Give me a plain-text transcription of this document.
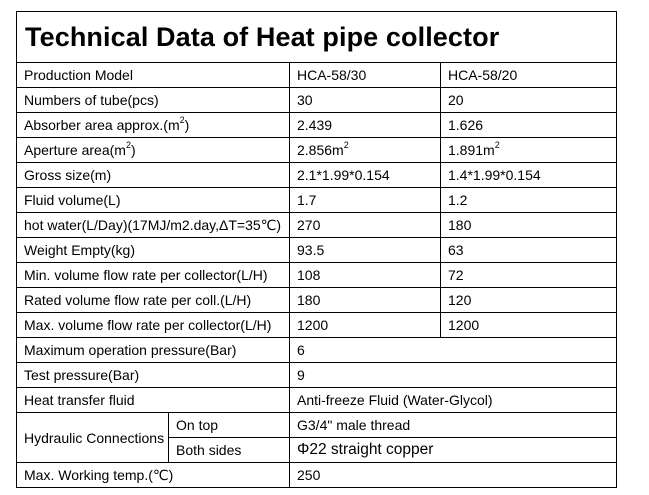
Technical Data of Heat pipe collector			
Production Model		HCA-58/30	HCA-58/20
Numbers of tube(pcs)		30	20
Absorber area $approx.(m^2)$		2.439	1.626
Aperture $area(m^2)$		$2.856m^2$	$1.891m^2$
Gross size(m)		2.1*1.99*0.154	1.4*1.99*0.154
Fluid volume(L)		1.7	1.2
hot water(L/Day)(17MJ/m2.day,ΔT=35℃)		270	180
Weight Empty(kg)		93.5	63
Min. volume flow rate per collector(L/H)		108	72
Rated volume flow rate per coll.(L/H)		180	120
Max. volume flow rate per collector(L/H)		1200	1200
Maximum operation pressure(Bar)		6	
Test pressure(Bar)		9	
Heat transfer fluid		Anti-freeze Fluid (Water-Glycol)	
Hydraulic Connections	On top	G3/4" male thread	
	Both sides	Φ22 straight copper	
Max. Working temp.(℃)		250	
